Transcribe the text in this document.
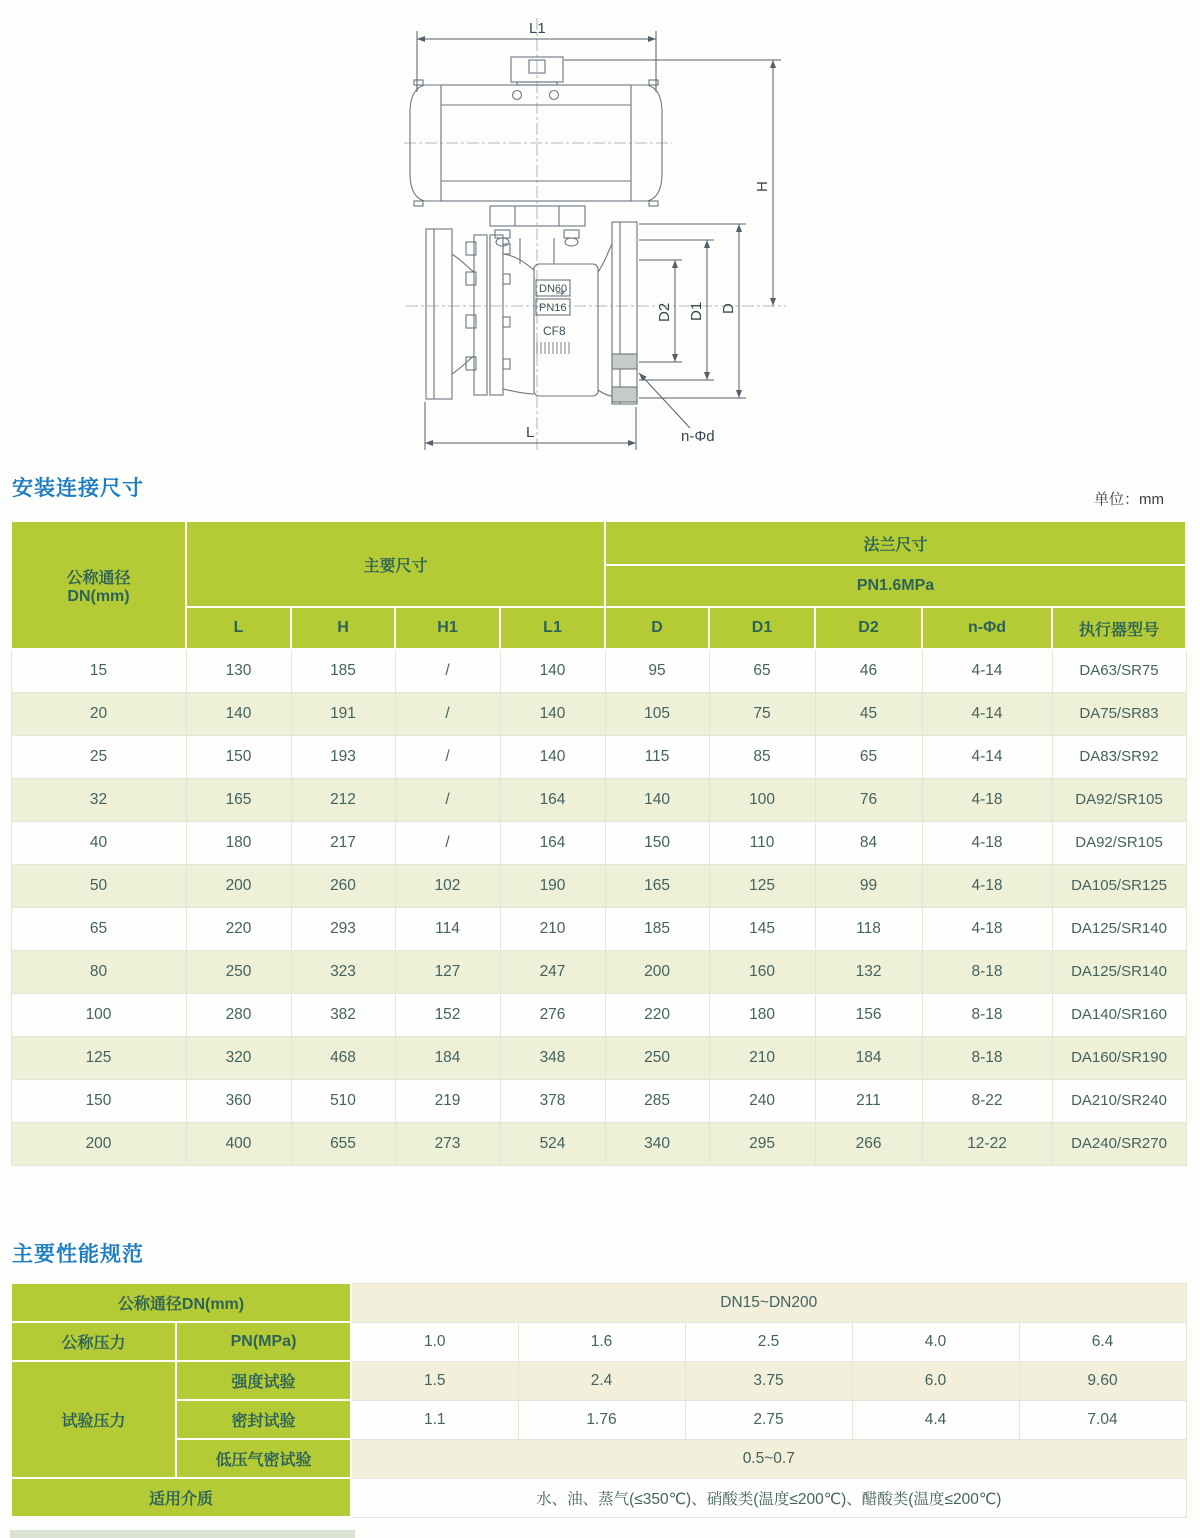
DN60
PN16
CF8
L1
H
D2 D1 D
L	n-Φd
安装连接尺寸	单位：mm
公称通径
DN(mm)	主要尺寸				法兰尺寸				
					PN1.6MPa				
	L	H	H1	L1	D	D1	D2	n-Φd	执行器型号
15	130	185	/	140	95	65	46	4-14	DA63/SR75
20	140	191	/	140	105	75	45	4-14	DA75/SR83
25	150	193	/	140	115	85	65	4-14	DA83/SR92
32	165	212	/	164	140	100	76	4-18	DA92/SR105
40	180	217	/	164	150	110	84	4-18	DA92/SR105
50	200	260	102	190	165	125	99	4-18	DA105/SR125
65	220	293	114	210	185	145	118	4-18	DA125/SR140
80	250	323	127	247	200	160	132	8-18	DA125/SR140
100	280	382	152	276	220	180	156	8-18	DA140/SR160
125	320	468	184	348	250	210	184	8-18	DA160/SR190
150	360	510	219	378	285	240	211	8-22	DA210/SR240
200	400	655	273	524	340	295	266	12-22	DA240/SR270
主要性能规范
公称通径DN(mm)		DN15~DN200				
公称压力	PN(MPa)	1.0	1.6	2.5	4.0	6.4
试验压力	强度试验	1.5	2.4	3.75	6.0	9.60
	密封试验	1.1	1.76	2.75	4.4	7.04
	低压气密试验	0.5~0.7				
适用介质		水、油、蒸气(≤350℃)、硝酸类(温度≤200℃)、醋酸类(温度≤200℃)				
